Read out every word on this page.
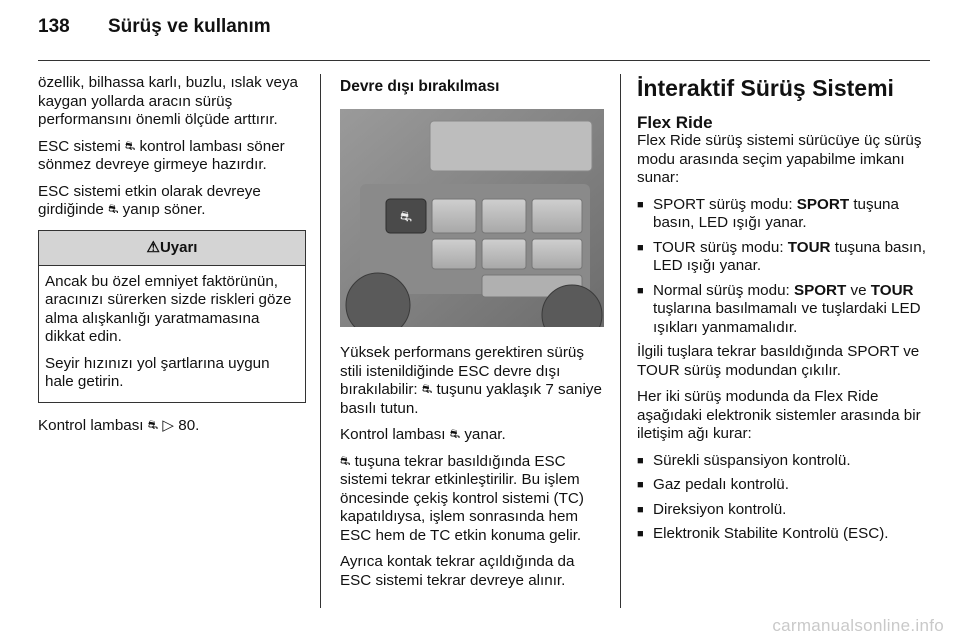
138 Sürüş ve kullanım

özellik, bilhassa karlı, buzlu, ıslak veya kaygan yollarda aracın sürüş performansını önemli ölçüde arttırır.

ESC sistemi ⛐ kontrol lambası söner sönmez devreye girmeye hazırdır.

ESC sistemi etkin olarak devreye girdiğinde ⛐ yanıp söner.

⚠Uyarı

Ancak bu özel emniyet faktörünün, aracınızı sürerken sizde riskleri göze alma alışkanlığı yaratmamasına dikkat edin.

Seyir hızınızı yol şartlarına uygun hale getirin.

Kontrol lambası ⛐ ▷ 80.

Devre dışı bırakılması
⛐

Yüksek performans gerektiren sürüş stili istenildiğinde ESC devre dışı bırakılabilir: ⛐ tuşunu yaklaşık 7 saniye basılı tutun.

Kontrol lambası ⛐ yanar.

⛐ tuşuna tekrar basıldığında ESC sistemi tekrar etkinleştirilir. Bu işlem öncesinde çekiş kontrol sistemi (TC) kapatıldıysa, işlem sonrasında hem ESC hem de TC etkin konuma gelir.

Ayrıca kontak tekrar açıldığında da ESC sistemi tekrar devreye alınır.

İnteraktif Sürüş Sistemi
Flex Ride

Flex Ride sürüş sistemi sürücüye üç sürüş modu arasında seçim yapabilme imkanı sunar:

■ SPORT sürüş modu: SPORT tuşuna basın, LED ışığı yanar.
■ TOUR sürüş modu: TOUR tuşuna basın, LED ışığı yanar.
■ Normal sürüş modu: SPORT ve TOUR tuşlarına basılmamalı ve tuşlardaki LED ışıkları yanmamalıdır.

İlgili tuşlara tekrar basıldığında SPORT ve TOUR sürüş modundan çıkılır.

Her iki sürüş modunda da Flex Ride aşağıdaki elektronik sistemler arasında bir iletişim ağı kurar:

■ Sürekli süspansiyon kontrolü.
■ Gaz pedalı kontrolü.
■ Direksiyon kontrolü.
■ Elektronik Stabilite Kontrolü (ESC).
carmanualsonline.info
